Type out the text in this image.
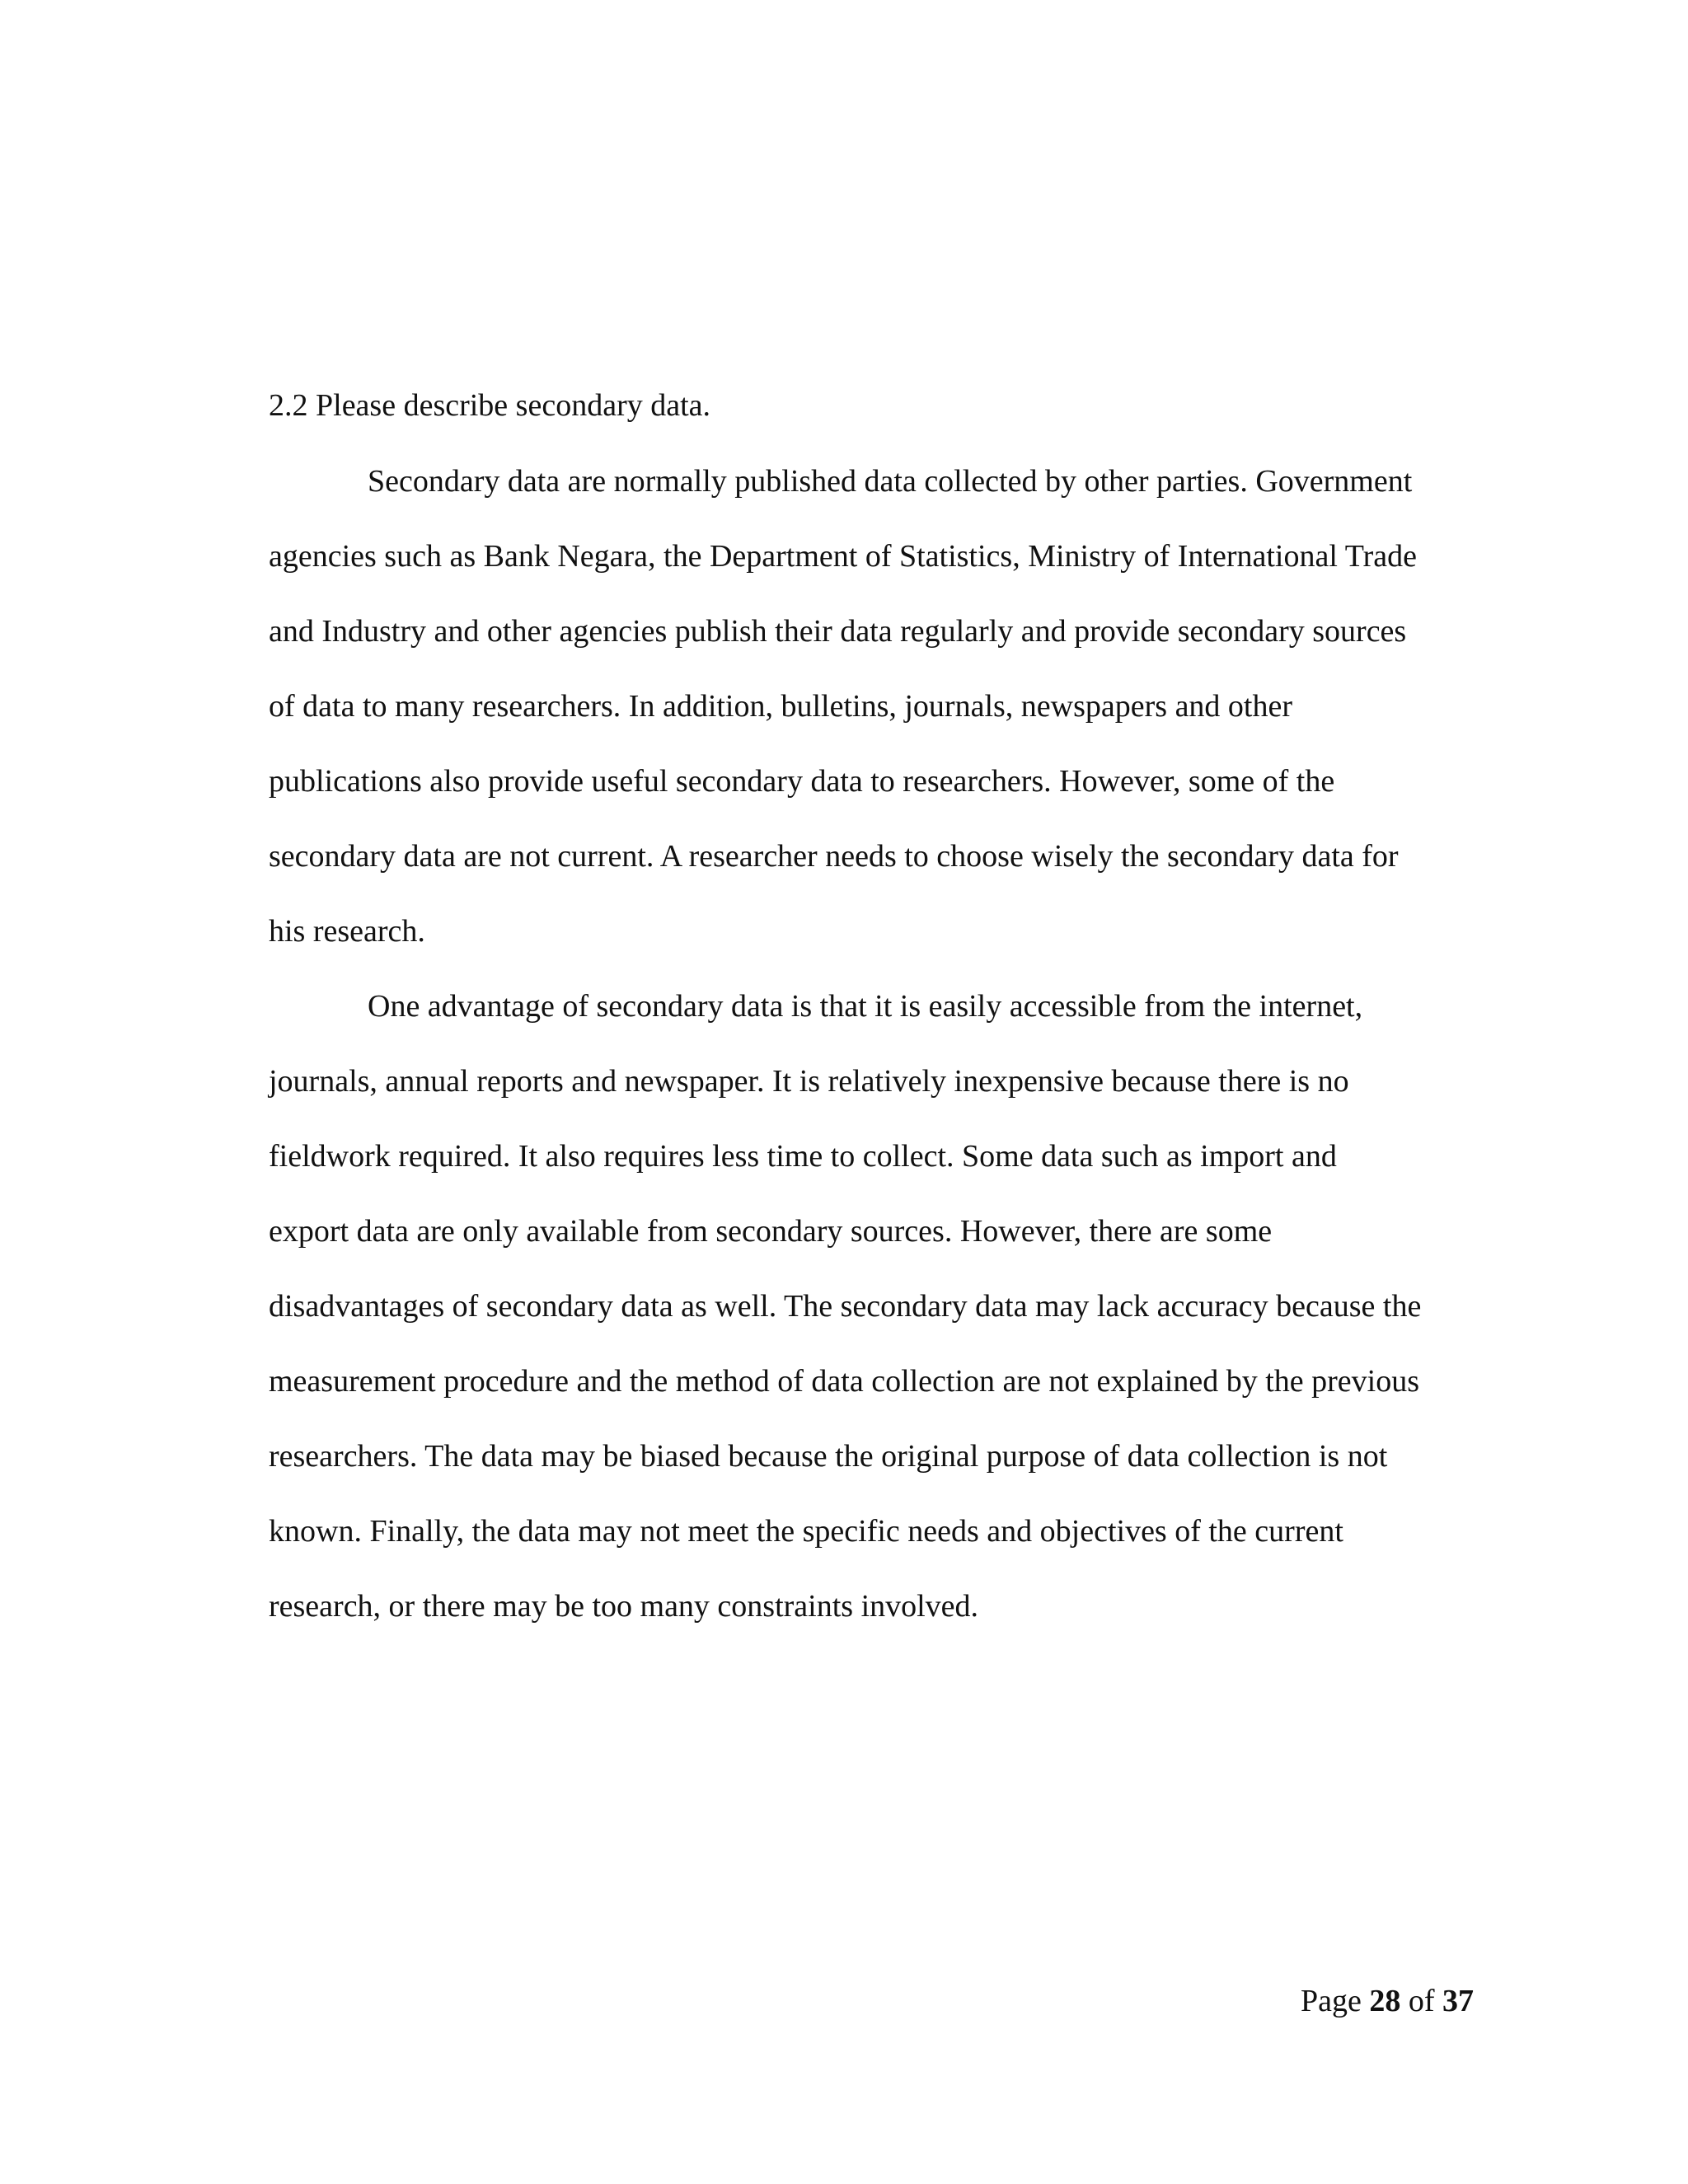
2.2 Please describe secondary data.

Secondary data are normally published data collected by other parties. Government
agencies such as Bank Negara, the Department of Statistics, Ministry of International Trade
and Industry and other agencies publish their data regularly and provide secondary sources
of data to many researchers. In addition, bulletins, journals, newspapers and other
publications also provide useful secondary data to researchers. However, some of the
secondary data are not current. A researcher needs to choose wisely the secondary data for
his research.
One advantage of secondary data is that it is easily accessible from the internet,
journals, annual reports and newspaper. It is relatively inexpensive because there is no
fieldwork required. It also requires less time to collect. Some data such as import and
export data are only available from secondary sources. However, there are some
disadvantages of secondary data as well. The secondary data may lack accuracy because the
measurement procedure and the method of data collection are not explained by the previous
researchers. The data may be biased because the original purpose of data collection is not
known. Finally, the data may not meet the specific needs and objectives of the current
research, or there may be too many constraints involved.
Page 28 of 37
